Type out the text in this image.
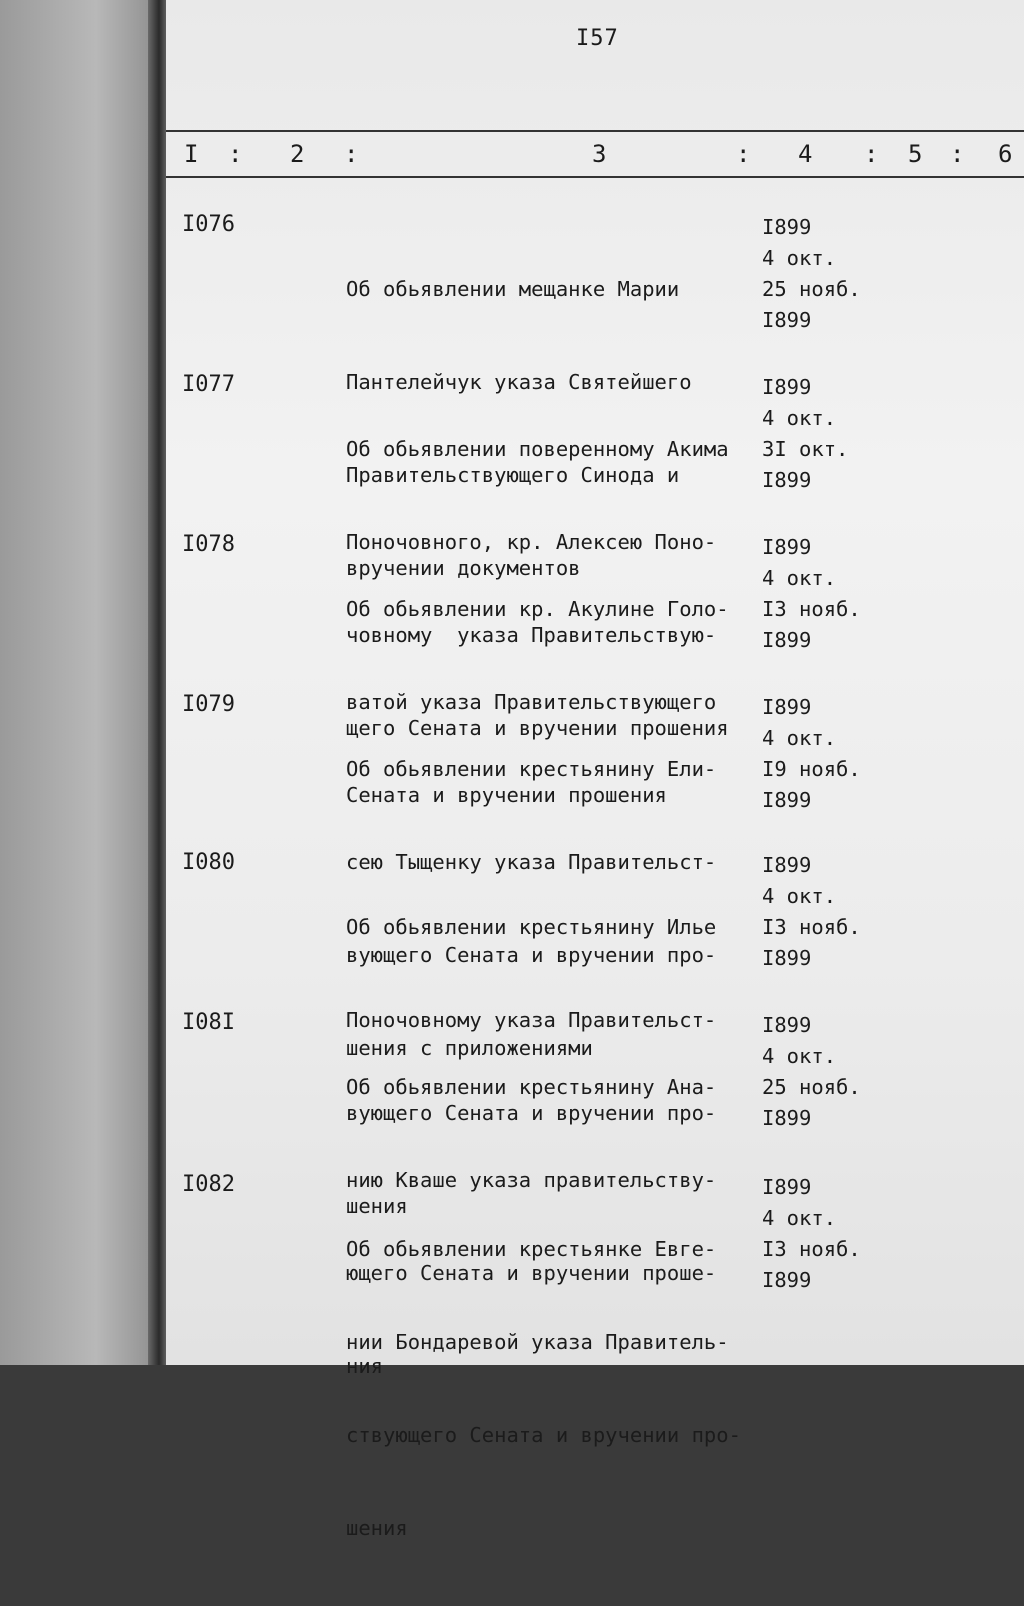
I57
I : 2 :	3	: 4 : 5 : 6
I076

Об обьявлении мещанке Марии

Пантелейчук указа Святейшего

Правительствующего Синода и

вручении документов

I899
4 окт.
25 нояб.
I899
I077

Об обьявлении поверенному Акима

Поночовного, кр. Алексею Поно-

човному  указа Правительствую-

щего Сената и вручении прошения

I899
4 окт.
3I окт.
I899
I078

Об обьявлении кр. Акулине Голо-

ватой указа Правительствующего

Сената и вручении прошения

I899
4 окт.
I3 нояб.
I899
I079

Об обьявлении крестьянину Ели-

сею Тыщенку указа Правительст-

вующего Сената и вручении про-

шения с приложениями

I899
4 окт.
I9 нояб.
I899
I080

Об обьявлении крестьянину Илье

Поночовному указа Правительст-

вующего Сената и вручении про-

шения

I899
4 окт.
I3 нояб.
I899
I08I

Об обьявлении крестьянину Ана-

нию Кваше указа правительству-

ющего Сената и вручении проше-

ния

I899
4 окт.
25 нояб.
I899
I082

Об обьявлении крестьянке Евге-

нии Бондаревой указа Правитель-

ствующего Сената и вручении про-

шения

I899
4 окт.
I3 нояб.
I899
